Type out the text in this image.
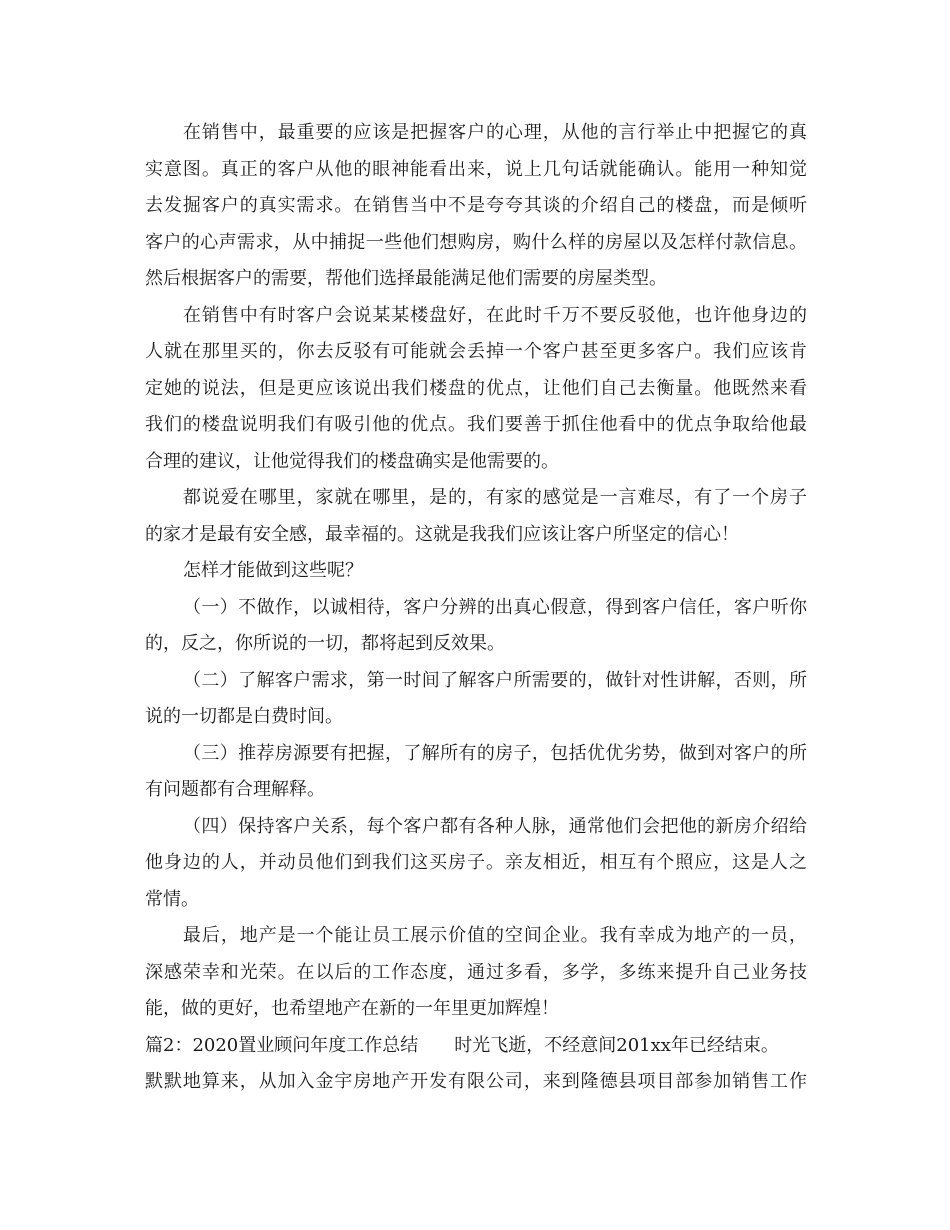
在销售中，最重要的应该是把握客户的心理，从他的言行举止中把握它的真
实意图。真正的客户从他的眼神能看出来，说上几句话就能确认。能用一种知觉
去发掘客户的真实需求。在销售当中不是夸夸其谈的介绍自己的楼盘，而是倾听
客户的心声需求，从中捕捉一些他们想购房，购什么样的房屋以及怎样付款信息。
然后根据客户的需要，帮他们选择最能满足他们需要的房屋类型。
在销售中有时客户会说某某楼盘好，在此时千万不要反驳他，也许他身边的
人就在那里买的，你去反驳有可能就会丢掉一个客户甚至更多客户。我们应该肯
定她的说法，但是更应该说出我们楼盘的优点，让他们自己去衡量。他既然来看
我们的楼盘说明我们有吸引他的优点。我们要善于抓住他看中的优点争取给他最
合理的建议，让他觉得我们的楼盘确实是他需要的。
都说爱在哪里，家就在哪里，是的，有家的感觉是一言难尽，有了一个房子
的家才是最有安全感，最幸福的。这就是我我们应该让客户所坚定的信心！
怎样才能做到这些呢？
（一）不做作，以诚相待，客户分辨的出真心假意，得到客户信任，客户听你
的，反之，你所说的一切，都将起到反效果。
（二）了解客户需求，第一时间了解客户所需要的，做针对性讲解，否则，所
说的一切都是白费时间。
（三）推荐房源要有把握，了解所有的房子，包括优优劣势，做到对客户的所
有问题都有合理解释。
（四）保持客户关系，每个客户都有各种人脉，通常他们会把他的新房介绍给
他身边的人，并动员他们到我们这买房子。亲友相近，相互有个照应，这是人之
常情。
最后，地产是一个能让员工展示价值的空间企业。我有幸成为地产的一员，
深感荣幸和光荣。在以后的工作态度，通过多看，多学，多练来提升自己业务技
能，做的更好，也希望地产在新的一年里更加辉煌！
篇2：2020置业顾问年度工作总结 时光飞逝，不经意间201xx年已经结束。
默默地算来，从加入金宇房地产开发有限公司，来到隆德县项目部参加销售工作
